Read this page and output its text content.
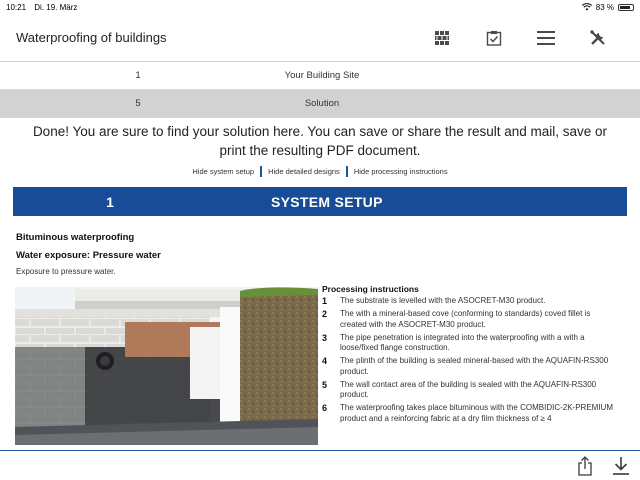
10:21 Di. 19. März	83 %
Waterproofing of buildings
1	Your Building Site
5	Solution
Done! You are sure to find your solution here. You can save or share the result and mail, save or print the resulting PDF document.
Hide system setup Hide detailed designs Hide processing instructions
1	SYSTEM SETUP
Bituminous waterproofing
Water exposure: Pressure water
Exposure to pressure water.
Processing instructions
1	The substrate is levelled with the ASOCRET-M30 product.
2	The with a mineral-based cove (conforming to standards) coved fillet is created with the ASOCRET-M30 product.
3	The pipe penetration is integrated into the waterproofing with a with a loose/fixed flange construction.
4	The plinth of the building is sealed mineral-based with the AQUAFIN-RS300 product.
5	The wall contact area of the building is sealed with the AQUAFIN-RS300 product.
6	The waterproofing takes place bituminous with the COMBIDIC-2K-PREMIUM product and a reinforcing fabric at a dry film thickness of ≥ 4
